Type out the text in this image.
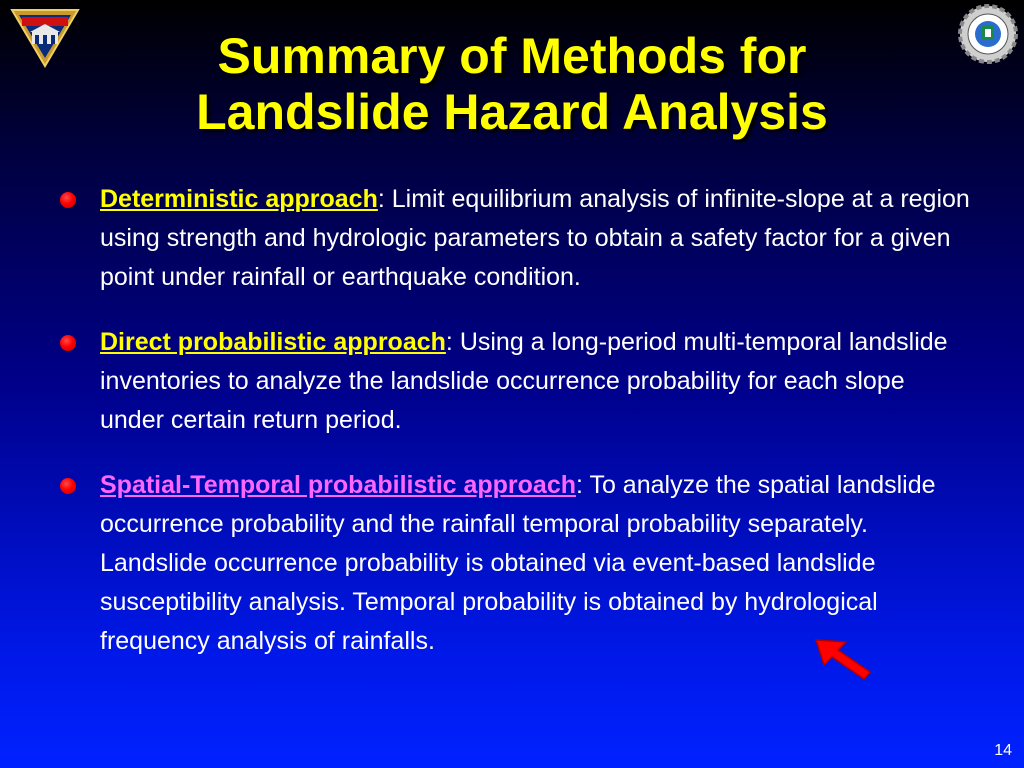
Summary of Methods for
Landslide Hazard Analysis
Deterministic approach: Limit equilibrium analysis of infinite-slope at a region using strength and hydrologic parameters to obtain a safety factor for a given point under rainfall or earthquake condition.
Direct probabilistic approach: Using a long-period multi-temporal landslide inventories to analyze the landslide occurrence probability for each slope under certain return period.
Spatial-Temporal probabilistic approach: To analyze the spatial landslide occurrence probability and the rainfall temporal probability separately. Landslide occurrence probability is obtained via event-based landslide susceptibility analysis. Temporal probability is obtained by hydrological frequency analysis of rainfalls.
14
